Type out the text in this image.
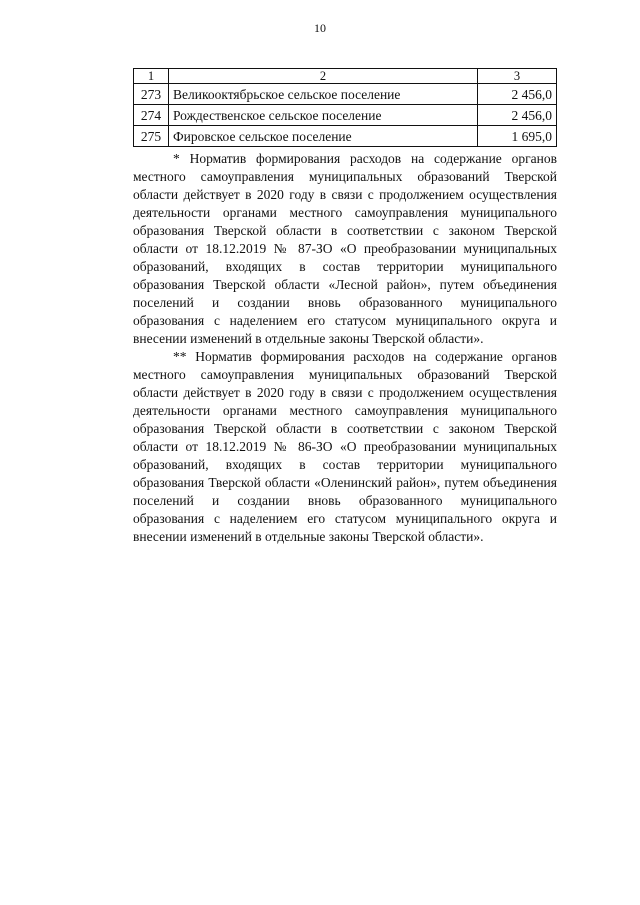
10
1	2	3
273	Великооктябрьское сельское поселение	2 456,0
274	Рождественское сельское поселение	2 456,0
275	Фировское сельское поселение	1 695,0

* Норматив формирования расходов на содержание органов местного самоуправления муниципальных образований Тверской области действует в 2020 году в связи с продолжением осуществления деятельности органами местного самоуправления муниципального образования Тверской области в соответствии с законом Тверской области от 18.12.2019 № 87-ЗО «О преобразовании муниципальных образований, входящих в состав территории муниципального образования Тверской области «Лесной район», путем объединения поселений и создании вновь образованного муниципального образования с наделением его статусом муниципального округа и внесении изменений в отдельные законы Тверской области».

** Норматив формирования расходов на содержание органов местного самоуправления муниципальных образований Тверской области действует в 2020 году в связи с продолжением осуществления деятельности органами местного самоуправления муниципального образования Тверской области в соответствии с законом Тверской области от 18.12.2019 № 86-ЗО «О преобразовании муниципальных образований, входящих в состав территории муниципального образования Тверской области «Оленинский район», путем объединения поселений и создании вновь образованного муниципального образования с наделением его статусом муниципального округа и внесении изменений в отдельные законы Тверской области».
